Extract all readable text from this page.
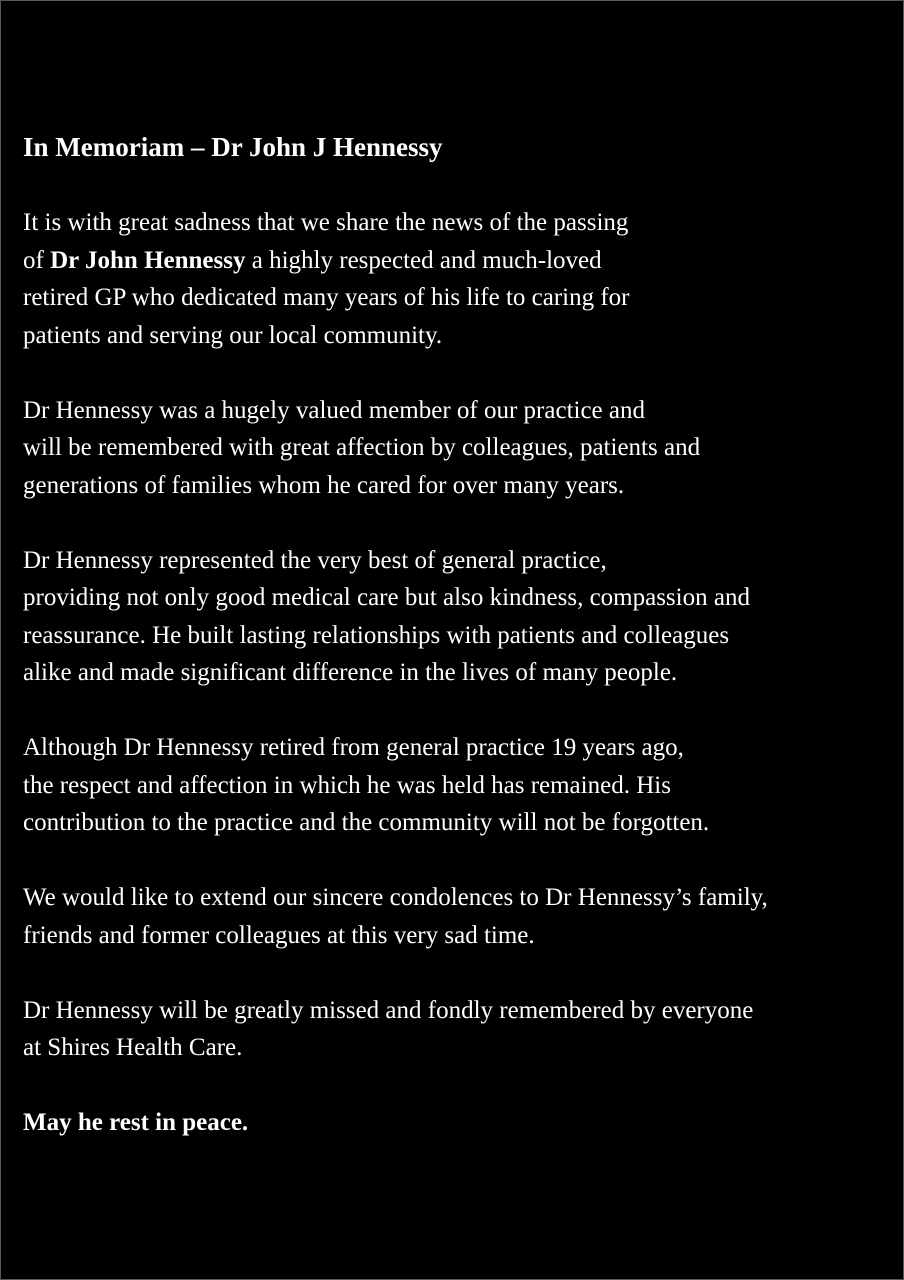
In Memoriam – Dr John J Hennessy
It is with great sadness that we share the news of the passing
of Dr John Hennessy a highly respected and much-loved
retired GP who dedicated many years of his life to caring for
patients and serving our local community.
Dr Hennessy was a hugely valued member of our practice and
will be remembered with great affection by colleagues, patients and
generations of families whom he cared for over many years.
Dr Hennessy represented the very best of general practice,
providing not only good medical care but also kindness, compassion and
reassurance. He built lasting relationships with patients and colleagues
alike and made significant difference in the lives of many people.
Although Dr Hennessy retired from general practice 19 years ago,
the respect and affection in which he was held has remained. His
contribution to the practice and the community will not be forgotten.
We would like to extend our sincere condolences to Dr Hennessy’s family,
friends and former colleagues at this very sad time.
Dr Hennessy will be greatly missed and fondly remembered by everyone
at Shires Health Care.
May he rest in peace.
